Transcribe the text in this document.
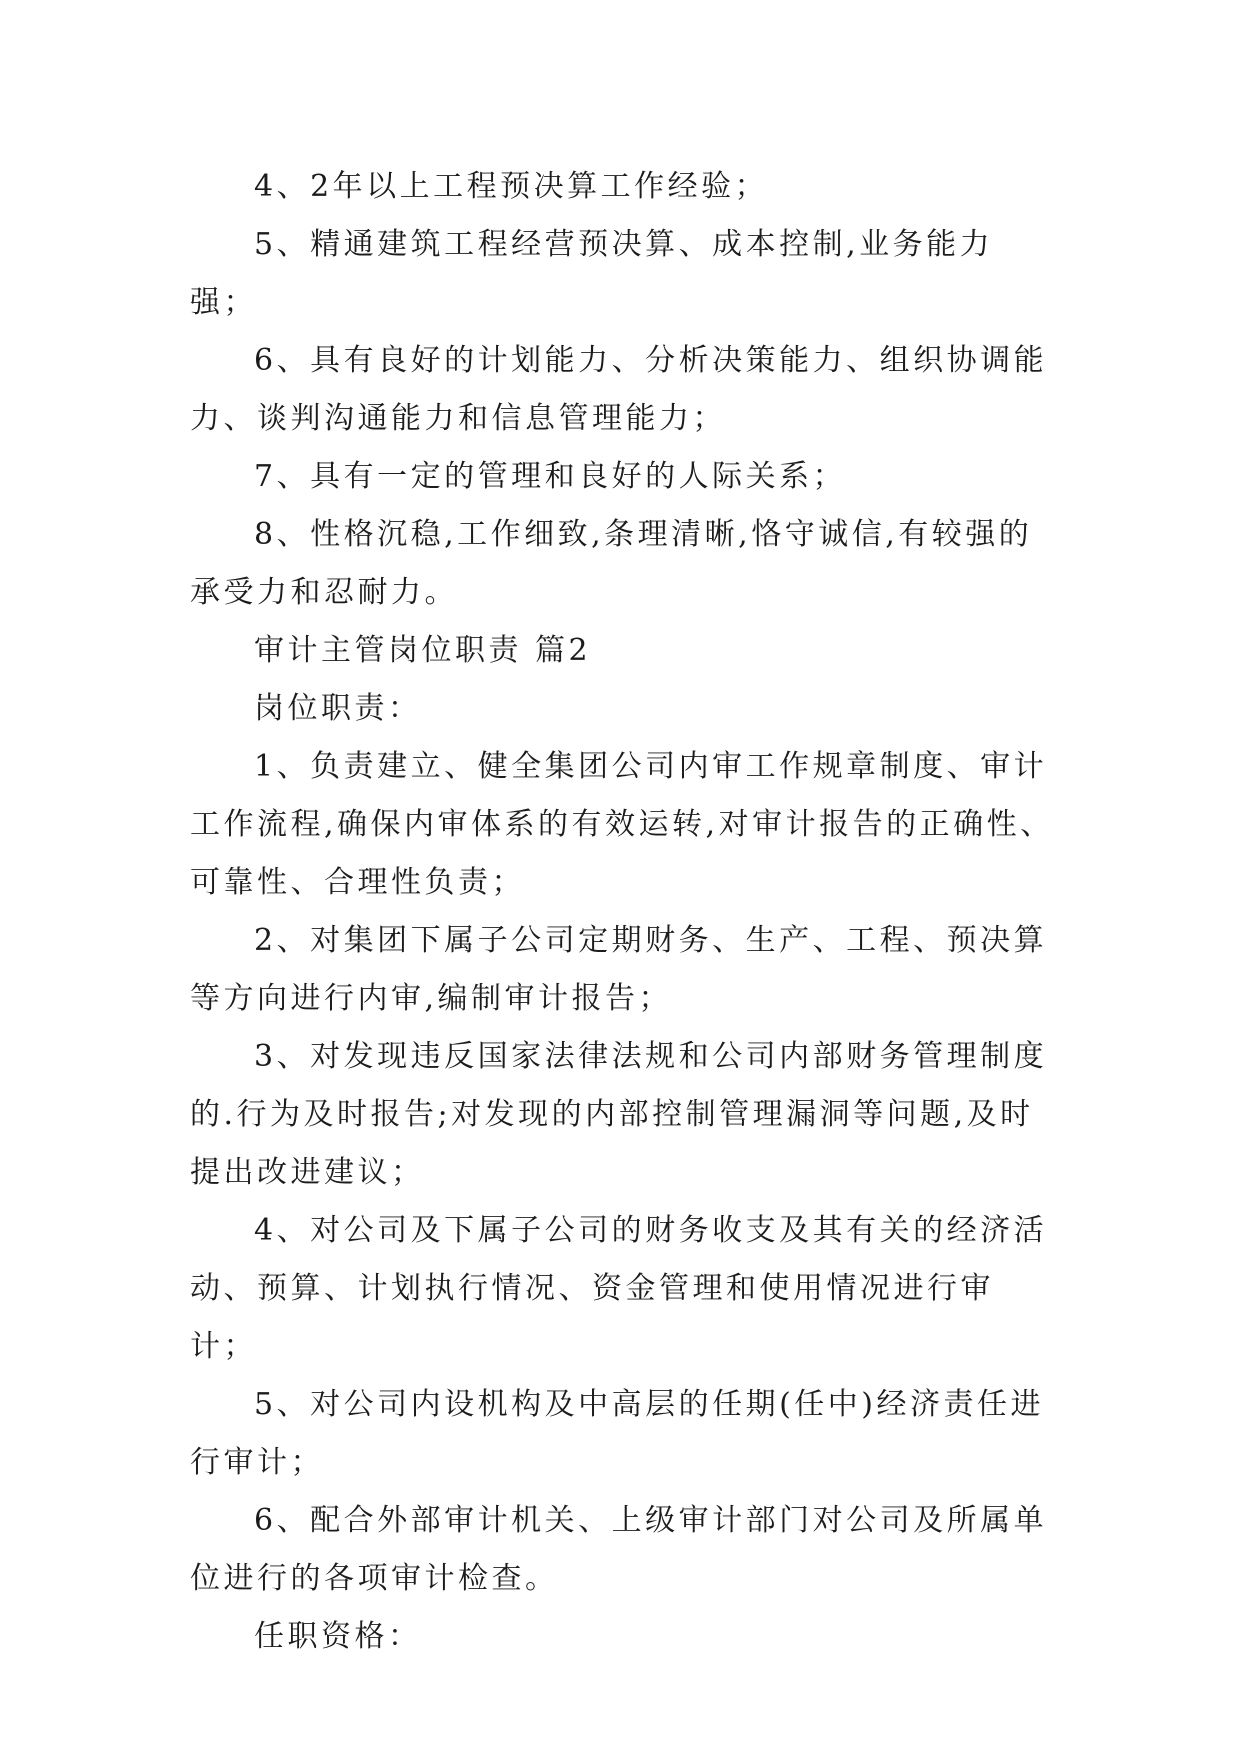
4、2年以上工程预决算工作经验；

5、精通建筑工程经营预决算、成本控制,业务能力强；

6、具有良好的计划能力、分析决策能力、组织协调能力、谈判沟通能力和信息管理能力；

7、具有一定的管理和良好的人际关系；

8、性格沉稳,工作细致,条理清晰,恪守诚信,有较强的承受力和忍耐力。

审计主管岗位职责 篇2

岗位职责：

1、负责建立、健全集团公司内审工作规章制度、审计工作流程,确保内审体系的有效运转,对审计报告的正确性、可靠性、合理性负责；

2、对集团下属子公司定期财务、生产、工程、预决算等方向进行内审,编制审计报告；

3、对发现违反国家法律法规和公司内部财务管理制度的.行为及时报告;对发现的内部控制管理漏洞等问题,及时提出改进建议；

4、对公司及下属子公司的财务收支及其有关的经济活动、预算、计划执行情况、资金管理和使用情况进行审计；

5、对公司内设机构及中高层的任期(任中)经济责任进行审计；

6、配合外部审计机关、上级审计部门对公司及所属单位进行的各项审计检查。

任职资格：
